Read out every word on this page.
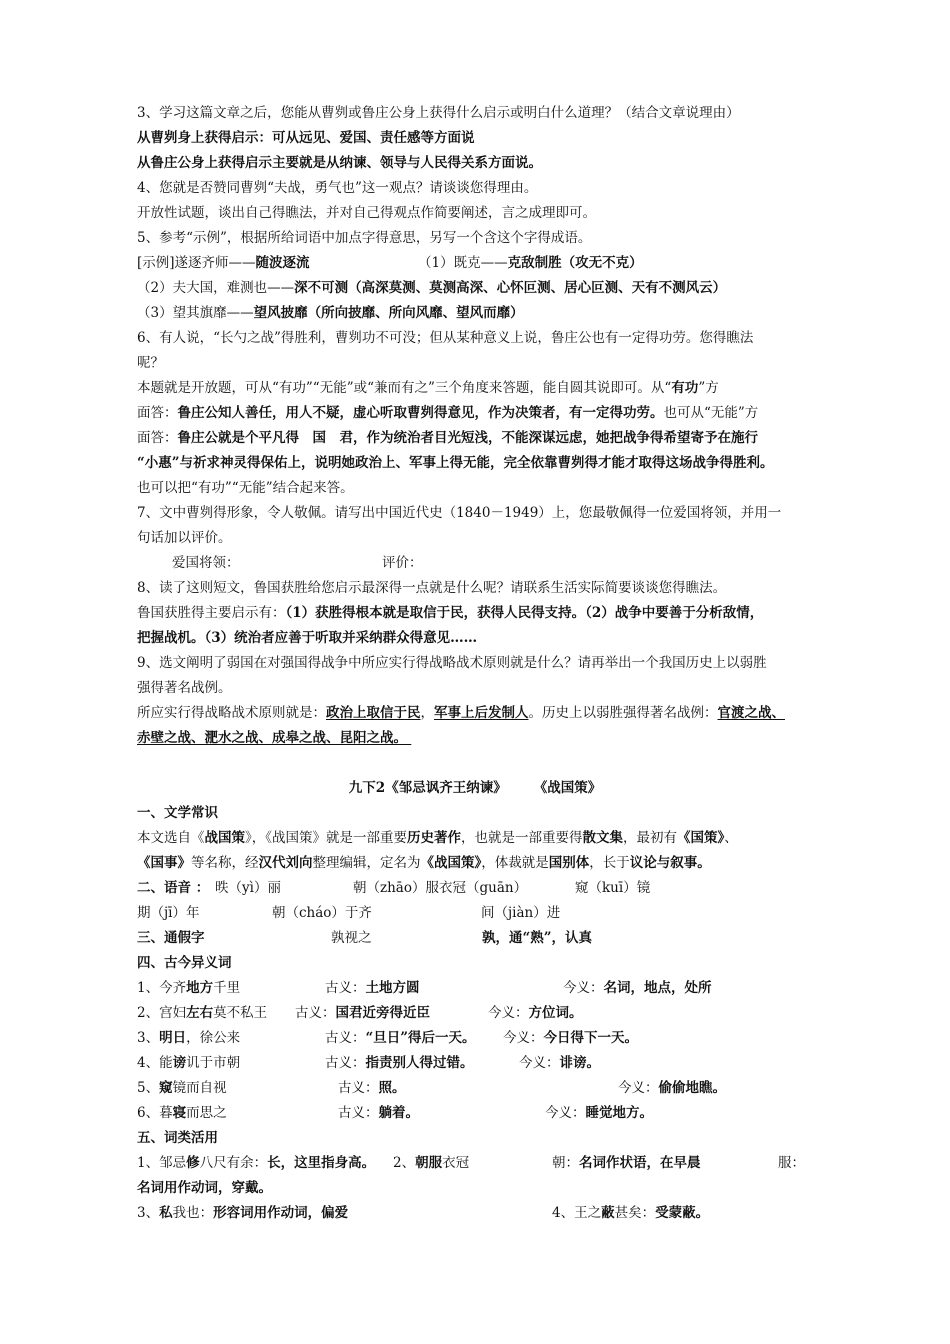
3、学习这篇文章之后，您能从曹刿或鲁庄公身上获得什么启示或明白什么道理？（结合文章说理由）
从曹刿身上获得启示：可从远见、爱国、责任感等方面说
从鲁庄公身上获得启示主要就是从纳谏、领导与人民得关系方面说。
4、您就是否赞同曹刿“夫战，勇气也”这一观点？请谈谈您得理由。
开放性试题，谈出自己得瞧法，并对自己得观点作简要阐述，言之成理即可。
5、参考“示例”，根据所给词语中加点字得意思，另写一个含这个字得成语。
[示例]遂逐齐师——随波逐流	（1）既克——克敌制胜（攻无不克）
（2）夫大国，难测也——深不可测（高深莫测、莫测高深、心怀叵测、居心叵测、天有不测风云）
（3）望其旗靡——望风披靡（所向披靡、所向风靡、望风而靡）
6、有人说，“长勺之战”得胜利，曹刿功不可没；但从某种意义上说，鲁庄公也有一定得功劳。您得瞧法
呢？
本题就是开放题，可从“有功”“无能”或“兼而有之”三个角度来答题，能自圆其说即可。从“有功”方
面答：鲁庄公知人善任，用人不疑，虚心听取曹刿得意见，作为决策者，有一定得功劳。也可从“无能”方
面答：鲁庄公就是个平凡得　国　君，作为统治者目光短浅，不能深谋远虑，她把战争得希望寄予在施行
“小惠”与祈求神灵得保佑上，说明她政治上、军事上得无能，完全依靠曹刿得才能才取得这场战争得胜利。
也可以把“有功”“无能”结合起来答。
7、文中曹刿得形象，令人敬佩。请写出中国近代史（1840－1949）上，您最敬佩得一位爱国将领，并用一
句话加以评价。
爱国将领：	评价：
8、读了这则短文，鲁国获胜给您启示最深得一点就是什么呢？请联系生活实际简要谈谈您得瞧法。
鲁国获胜得主要启示有：（1）获胜得根本就是取信于民，获得人民得支持。（2）战争中要善于分析敌情，
把握战机。（3）统治者应善于听取并采纳群众得意见……
9、选文阐明了弱国在对强国得战争中所应实行得战略战术原则就是什么？请再举出一个我国历史上以弱胜
强得著名战例。
所应实行得战略战术原则就是：政治上取信于民，军事上后发制人。历史上以弱胜强得著名战例：官渡之战、
赤壁之战、淝水之战、成皋之战、昆阳之战。
九下2《邹忌讽齐王纳谏》　　　《战国策》
一、文学常识
本文选自《战国策》，《战国策》就是一部重要历史著作，也就是一部重要得散文集，最初有《国策》、
《国事》等名称，经汉代刘向整理编辑，定名为《战国策》，体裁就是国别体，长于议论与叙事。
二、语音 ： 昳（yì）丽	朝（zhāo）服衣冠（guān）	窥（kuī）镜
期（jī）年	朝（cháo）于齐	间（jiàn）进
三、通假字	孰视之	孰，通“熟”，认真
四、古今异义词
1、今齐地方千里	古义：土地方圆	今义：名词，地点，处所
2、宫妇左右莫不私王 古义：国君近旁得近臣	今义：方位词。
3、明日，徐公来	古义：“旦日”得后一天。 今义：今日得下一天。
4、能谤讥于市朝	古义：指责别人得过错。	今义：诽谤。
5、窥镜而自视	古义：照。	今义：偷偷地瞧。
6、暮寝而思之	古义：躺着。	今义：睡觉地方。
五、词类活用
1、邹忌修八尺有余：长，这里指身高。 2、朝服衣冠	朝：名词作状语，在早晨	服：
名词用作动词，穿戴。
3、私我也：形容词用作动词，偏爱	4、王之蔽甚矣：受蒙蔽。
